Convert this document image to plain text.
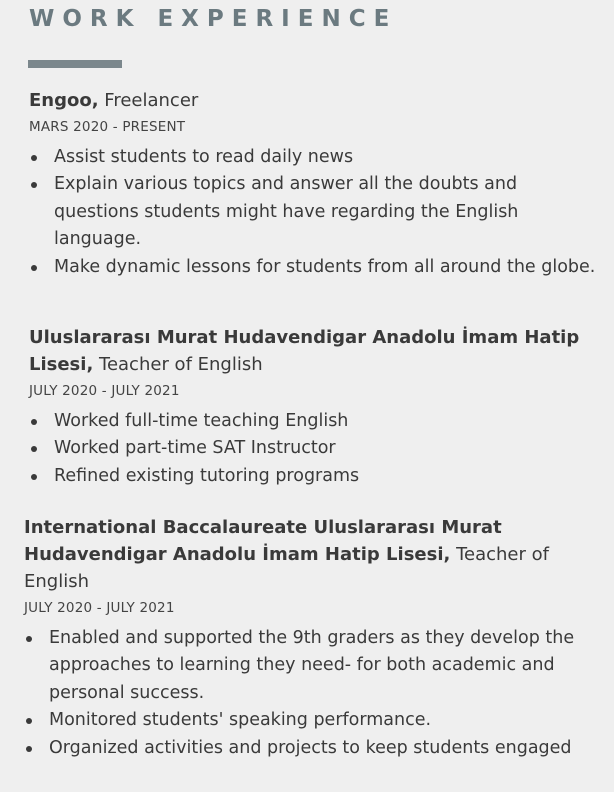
WORK EXPERIENCE
Engoo, Freelancer
MARS 2020 - PRESENT
Assist students to read daily news
Explain various topics and answer all the doubts and questions students might have regarding the English language.
Make dynamic lessons for students from all around the globe.
Uluslararası Murat Hudavendigar Anadolu İmam Hatip Lisesi, Teacher of English
JULY 2020 - JULY 2021
Worked full-time teaching English
Worked part-time SAT Instructor
Refined existing tutoring programs
International Baccalaureate Uluslararası Murat Hudavendigar Anadolu İmam Hatip Lisesi, Teacher of English
JULY 2020 - JULY 2021
Enabled and supported the 9th graders as they develop the approaches to learning they need- for both academic and personal success.
Monitored students' speaking performance.
Organized activities and projects to keep students engaged
